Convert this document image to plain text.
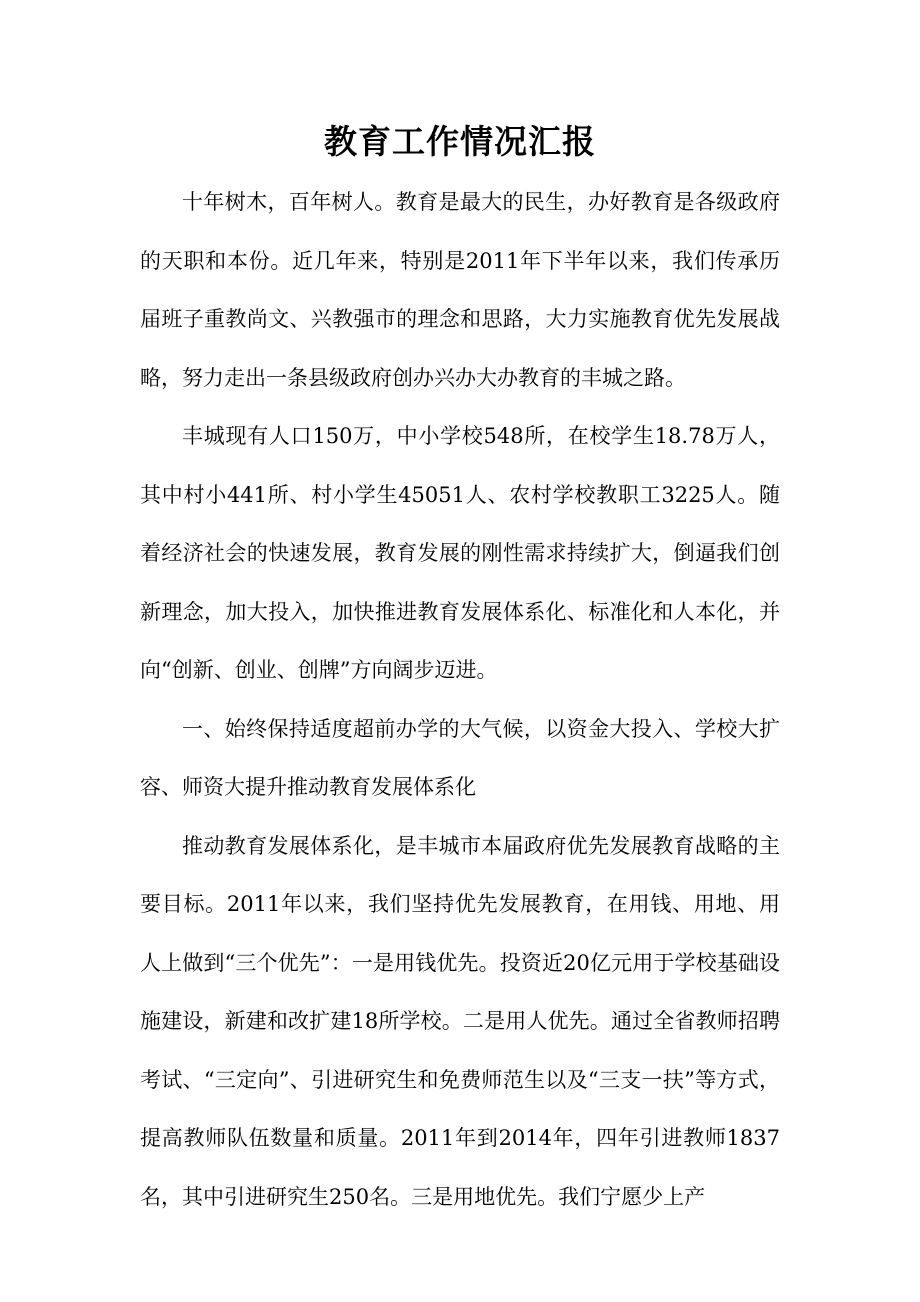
教育工作情况汇报

十年树木，百年树人。教育是最大的民生，办好教育是各级政府的天职和本份。近几年来，特别是2011年下半年以来，我们传承历届班子重教尚文、兴教强市的理念和思路，大力实施教育优先发展战略，努力走出一条县级政府创办兴办大办教育的丰城之路。

丰城现有人口150万，中小学校548所，在校学生18.78万人，其中村小441所、村小学生45051人、农村学校教职工3225人。随着经济社会的快速发展，教育发展的刚性需求持续扩大，倒逼我们创新理念，加大投入，加快推进教育发展体系化、标准化和人本化，并向“创新、创业、创牌”方向阔步迈进。

一、始终保持适度超前办学的大气候，以资金大投入、学校大扩容、师资大提升推动教育发展体系化

推动教育发展体系化，是丰城市本届政府优先发展教育战略的主要目标。2011年以来，我们坚持优先发展教育，在用钱、用地、用人上做到“三个优先”：一是用钱优先。投资近20亿元用于学校基础设施建设，新建和改扩建18所学校。二是用人优先。通过全省教师招聘考试、“三定向”、引进研究生和免费师范生以及“三支一扶”等方式，提高教师队伍数量和质量。2011年到2014年，四年引进教师1837名，其中引进研究生250名。三是用地优先。我们宁愿少上产
